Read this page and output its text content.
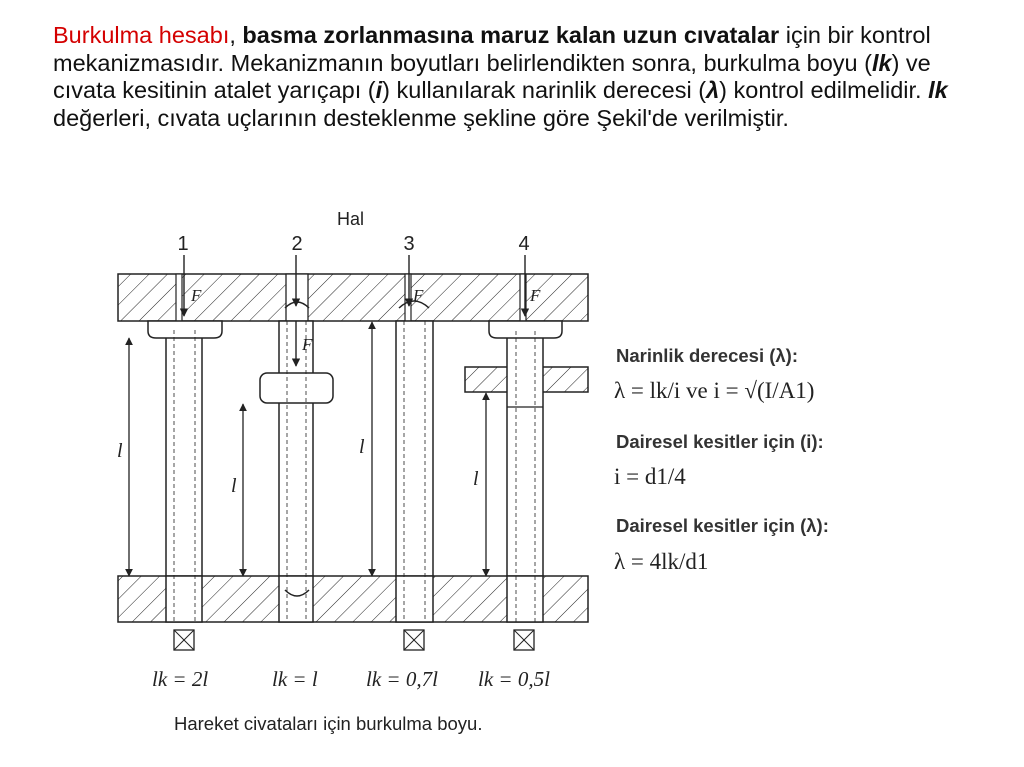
Burkulma hesabı, basma zorlanmasına maruz kalan uzun cıvatalar için bir kontrol mekanizmasıdır. Mekanizmanın boyutları belirlendikten sonra, burkulma boyu (lk) ve cıvata kesitinin atalet yarıçapı (i) kullanılarak narinlik derecesi (λ) kontrol edilmelidir. lk değerleri, cıvata uçlarının desteklenme şekline göre Şekil'de verilmiştir.

Hal

1	2	3	4
F
F
F	F
l
l
l
l
lk = 2l	lk = l lk = 0,7l lk = 0,5l

Hareket civataları için burkulma boyu.

Narinlik derecesi (λ):

λ = lk/i ve i = √(I/A1)

Dairesel kesitler için (i):

i = d1/4

Dairesel kesitler için (λ):

λ = 4lk/d1
